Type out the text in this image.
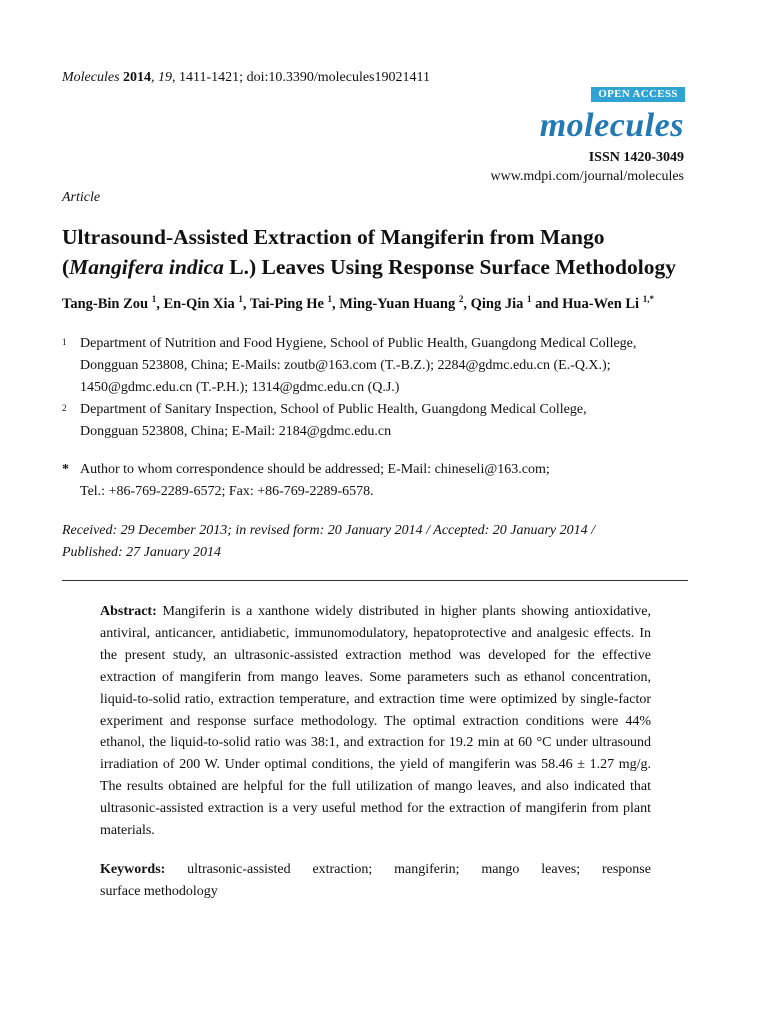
Molecules 2014, 19, 1411-1421; doi:10.3390/molecules19021411
OPEN ACCESS
molecules
ISSN 1420-3049
www.mdpi.com/journal/molecules
Article
Ultrasound-Assisted Extraction of Mangiferin from Mango
(Mangifera indica L.) Leaves Using Response Surface Methodology
Tang-Bin Zou $^1$, En-Qin Xia $^1$, Tai-Ping He $^1$, Ming-Yuan Huang $^2$, Qing Jia $^1$ and Hua-Wen Li $^{1,*}$
1 Department of Nutrition and Food Hygiene, School of Public Health, Guangdong Medical College,
Dongguan 523808, China; E-Mails: zoutb@163.com (T.-B.Z.); 2284@gdmc.edu.cn (E.-Q.X.);
1450@gdmc.edu.cn (T.-P.H.); 1314@gdmc.edu.cn (Q.J.)
2 Department of Sanitary Inspection, School of Public Health, Guangdong Medical College,
Dongguan 523808, China; E-Mail: 2184@gdmc.edu.cn
* Author to whom correspondence should be addressed; E-Mail: chineseli@163.com;
Tel.: +86-769-2289-6572; Fax: +86-769-2289-6578.
Received: 29 December 2013; in revised form: 20 January 2014 / Accepted: 20 January 2014 /
Published: 27 January 2014
Abstract: Mangiferin is a xanthone widely distributed in higher plants showing antioxidative, antiviral, anticancer, antidiabetic, immunomodulatory, hepatoprotective and analgesic effects. In the present study, an ultrasonic-assisted extraction method was developed for the effective extraction of mangiferin from mango leaves. Some parameters such as ethanol concentration, liquid-to-solid ratio, extraction temperature, and extraction time were optimized by single-factor experiment and response surface methodology. The optimal extraction conditions were 44% ethanol, the liquid-to-solid ratio was 38:1, and extraction for 19.2 min at 60 °C under ultrasound irradiation of 200 W. Under optimal conditions, the yield of mangiferin was 58.46 ± 1.27 mg/g. The results obtained are helpful for the full utilization of mango leaves, and also indicated that ultrasonic-assisted extraction is a very useful method for the extraction of mangiferin from plant materials.
Keywords: ultrasonic-assisted extraction; mangiferin; mango leaves; response
surface methodology
